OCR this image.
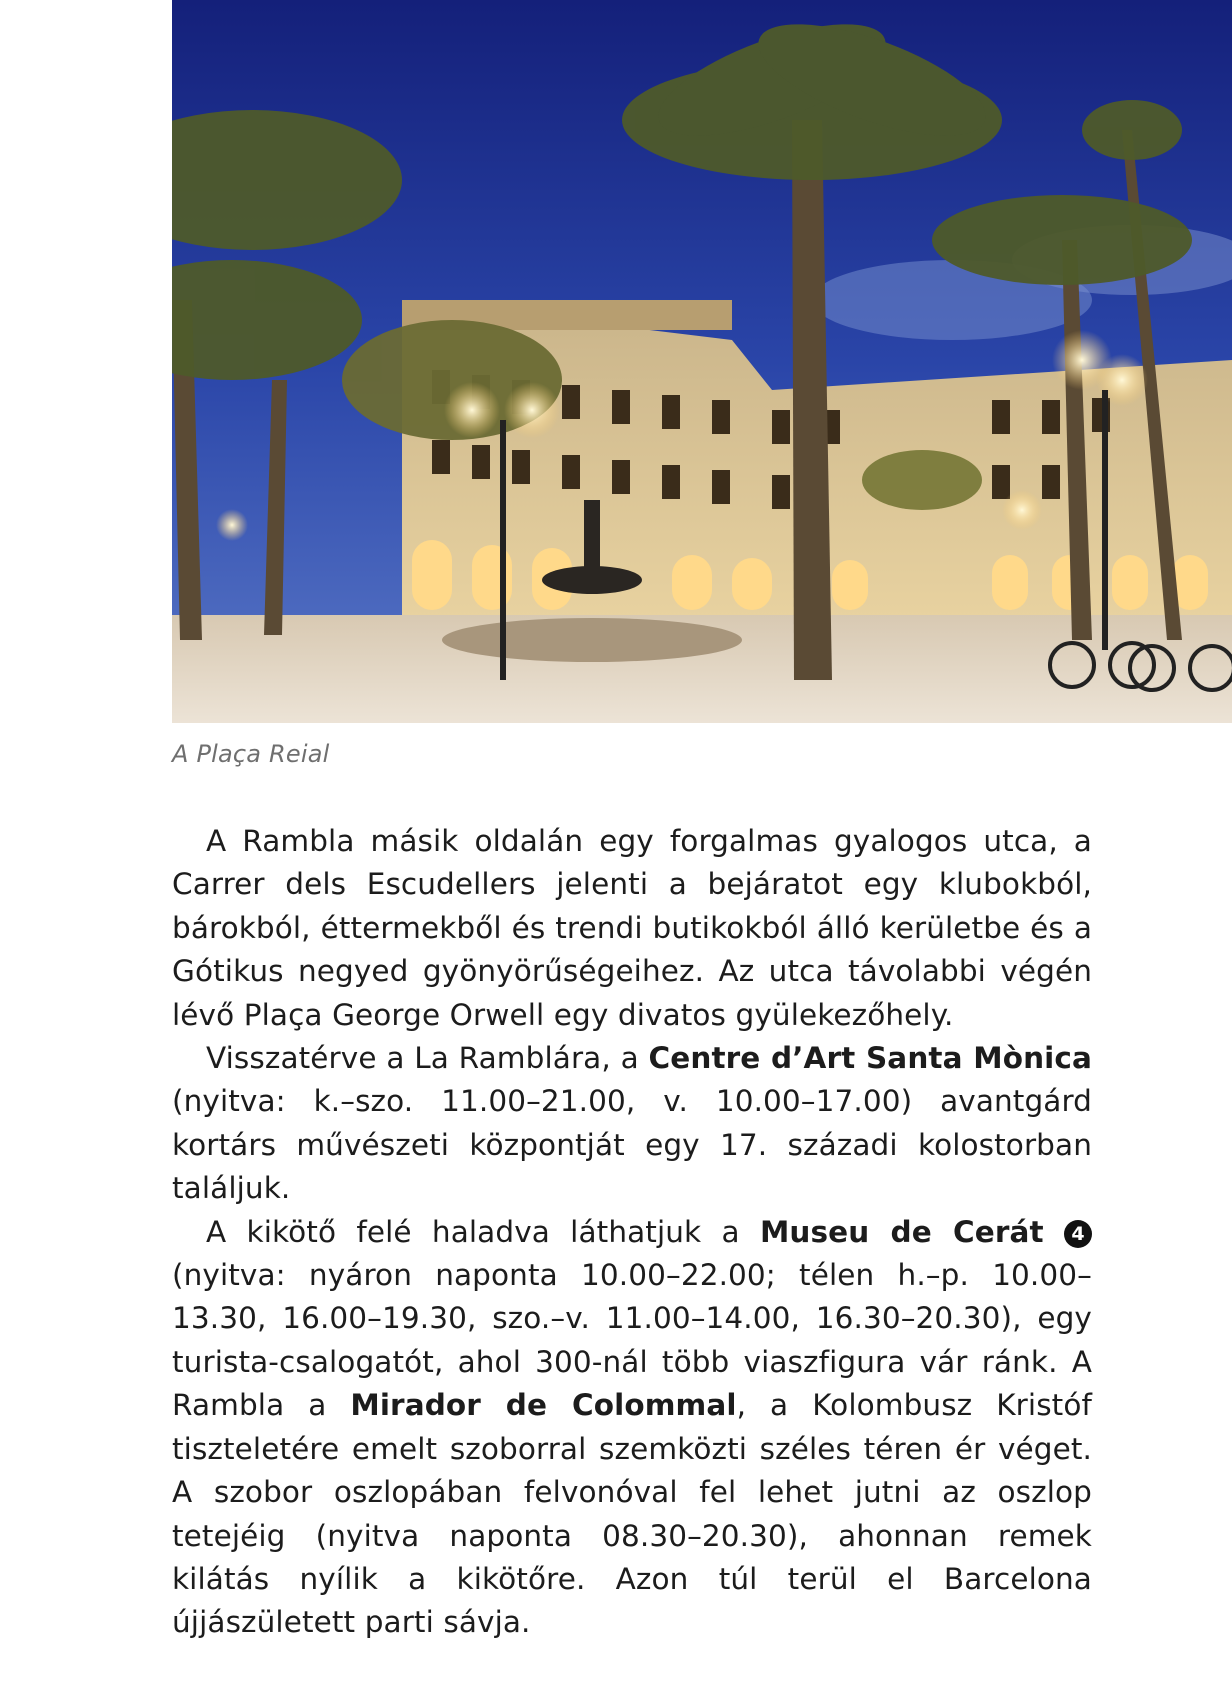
A Plaça Reial

A Rambla másik oldalán egy forgalmas gyalogos utca, a Carrer dels Escudellers jelenti a bejáratot egy klubokból, bárokból, éttermekből és trendi butikokból álló kerületbe és a Gótikus negyed gyönyörűségeihez. Az utca távolabbi végén lévő Plaça George Orwell egy divatos gyülekezőhely.

Visszatérve a La Ramblára, a Centre d’Art Santa Mònica (nyitva: k.–szo. 11.00–21.00, v. 10.00–17.00) avantgárd kortárs művészeti központját egy 17. századi kolostorban találjuk.

A kikötő felé haladva láthatjuk a Museu de Cerát 4 (nyitva: nyáron naponta 10.00–22.00; télen h.–p. 10.00–13.30, 16.00–19.30, szo.–v. 11.00–14.00, 16.30–20.30), egy turista-csalogatót, ahol 300-nál több viaszfigura vár ránk. A Rambla a Mirador de Colommal, a Kolombusz Kristóf tiszteletére emelt szoborral szemközti széles téren ér véget. A szobor oszlopában felvonóval fel lehet jutni az oszlop tetejéig (nyitva naponta 08.30–20.30), ahonnan remek kilátás nyílik a kikötőre. Azon túl terül el Barcelona újjászületett parti sávja.
